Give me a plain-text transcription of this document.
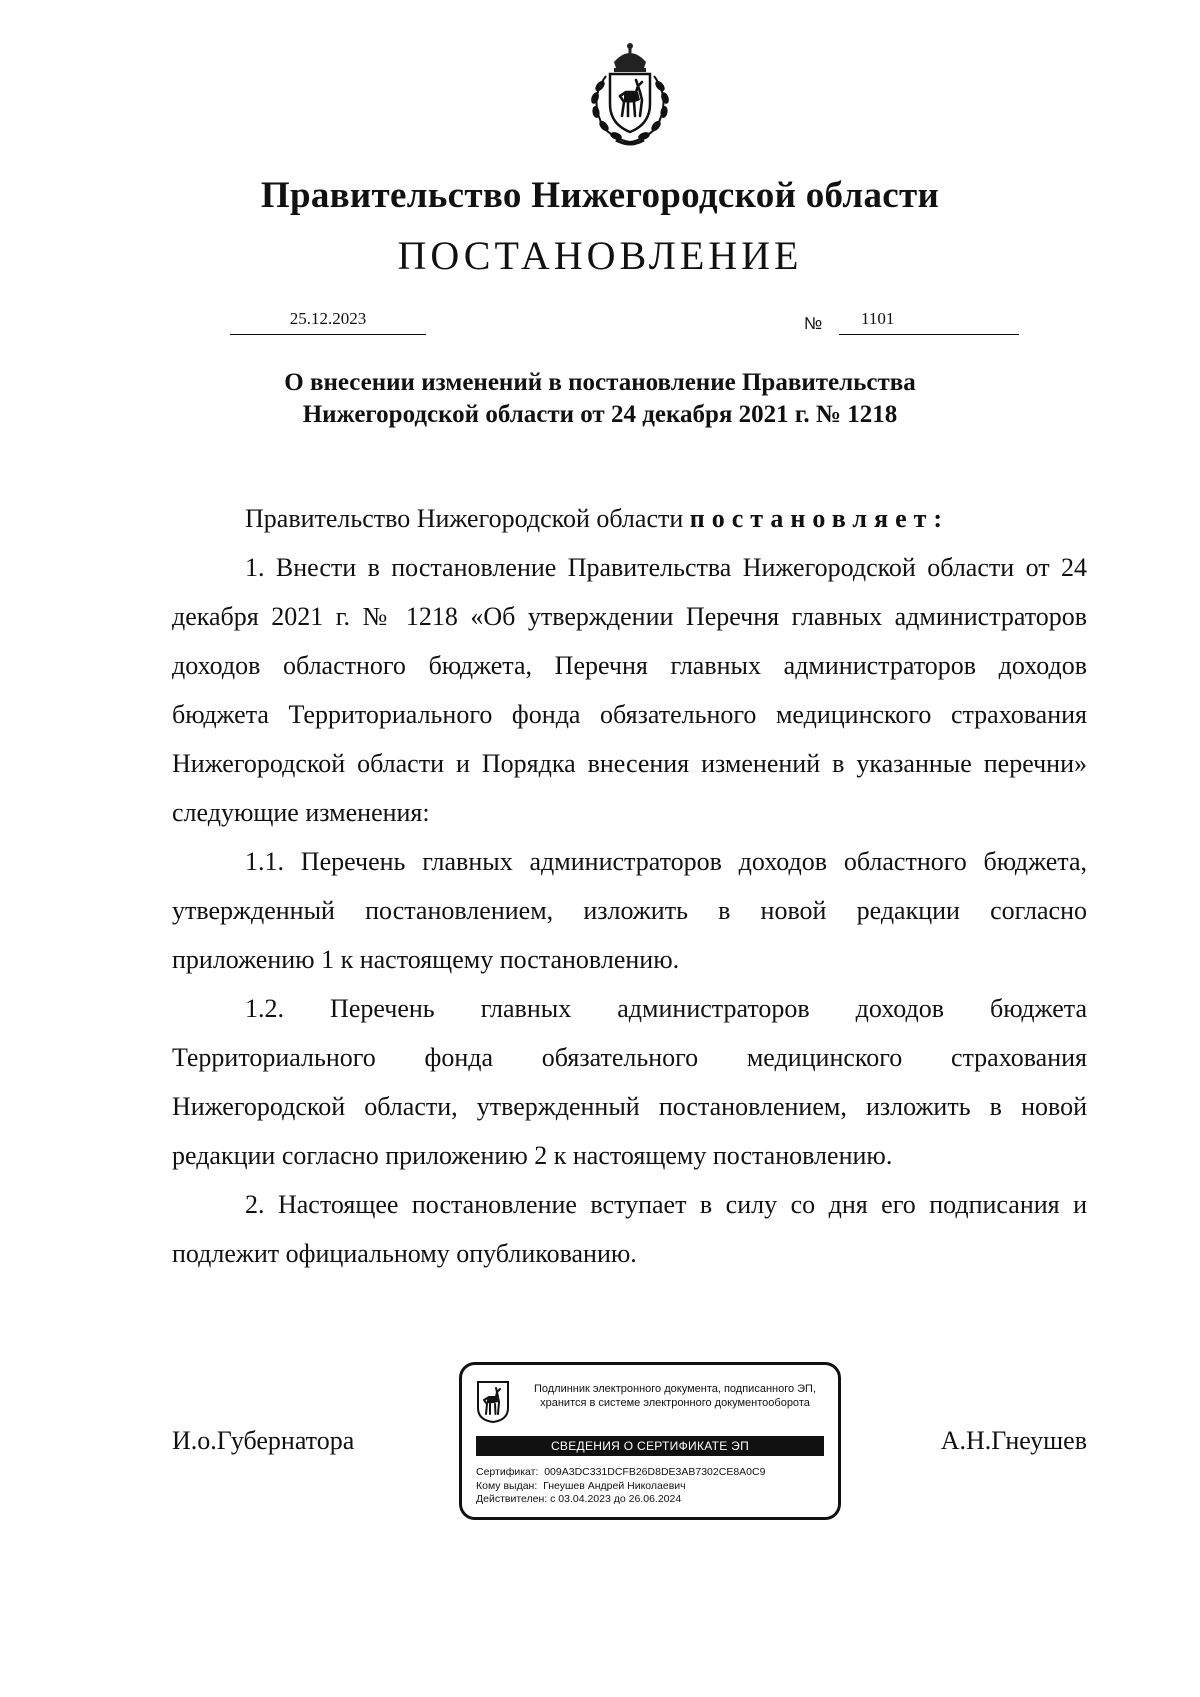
Правительство Нижегородской области
ПОСТАНОВЛЕНИЕ
25.12.2023	№ 1101
О внесении изменений в постановление Правительства
Нижегородской области от 24 декабря 2021 г. № 1218

Правительство Нижегородской области постановляет:

1. Внести в постановление Правительства Нижегородской области от 24 декабря 2021 г. № 1218 «Об утверждении Перечня главных администраторов доходов областного бюджета, Перечня главных администраторов доходов бюджета Территориального фонда обязательного медицинского страхования Нижегородской области и Порядка внесения изменений в указанные перечни» следующие изменения:

1.1. Перечень главных администраторов доходов областного бюджета, утвержденный постановлением, изложить в новой редакции согласно приложению 1 к настоящему постановлению.

1.2. Перечень главных администраторов доходов бюджета Территориального фонда обязательного медицинского страхования Нижегородской области, утвержденный постановлением, изложить в новой редакции согласно приложению 2 к настоящему постановлению.

2. Настоящее постановление вступает в силу со дня его подписания и подлежит официальному опубликованию.

И.о.Губернатора	А.Н.Гнеушев
Подлинник электронного документа, подписанного ЭП,
хранится в системе электронного документооборота
СВЕДЕНИЯ О СЕРТИФИКАТЕ ЭП
Сертификат: 009A3DC331DCFB26D8DE3AB7302CE8A0C9
Кому выдан: Гнеушев Андрей Николаевич
Действителен: с 03.04.2023 до 26.06.2024
